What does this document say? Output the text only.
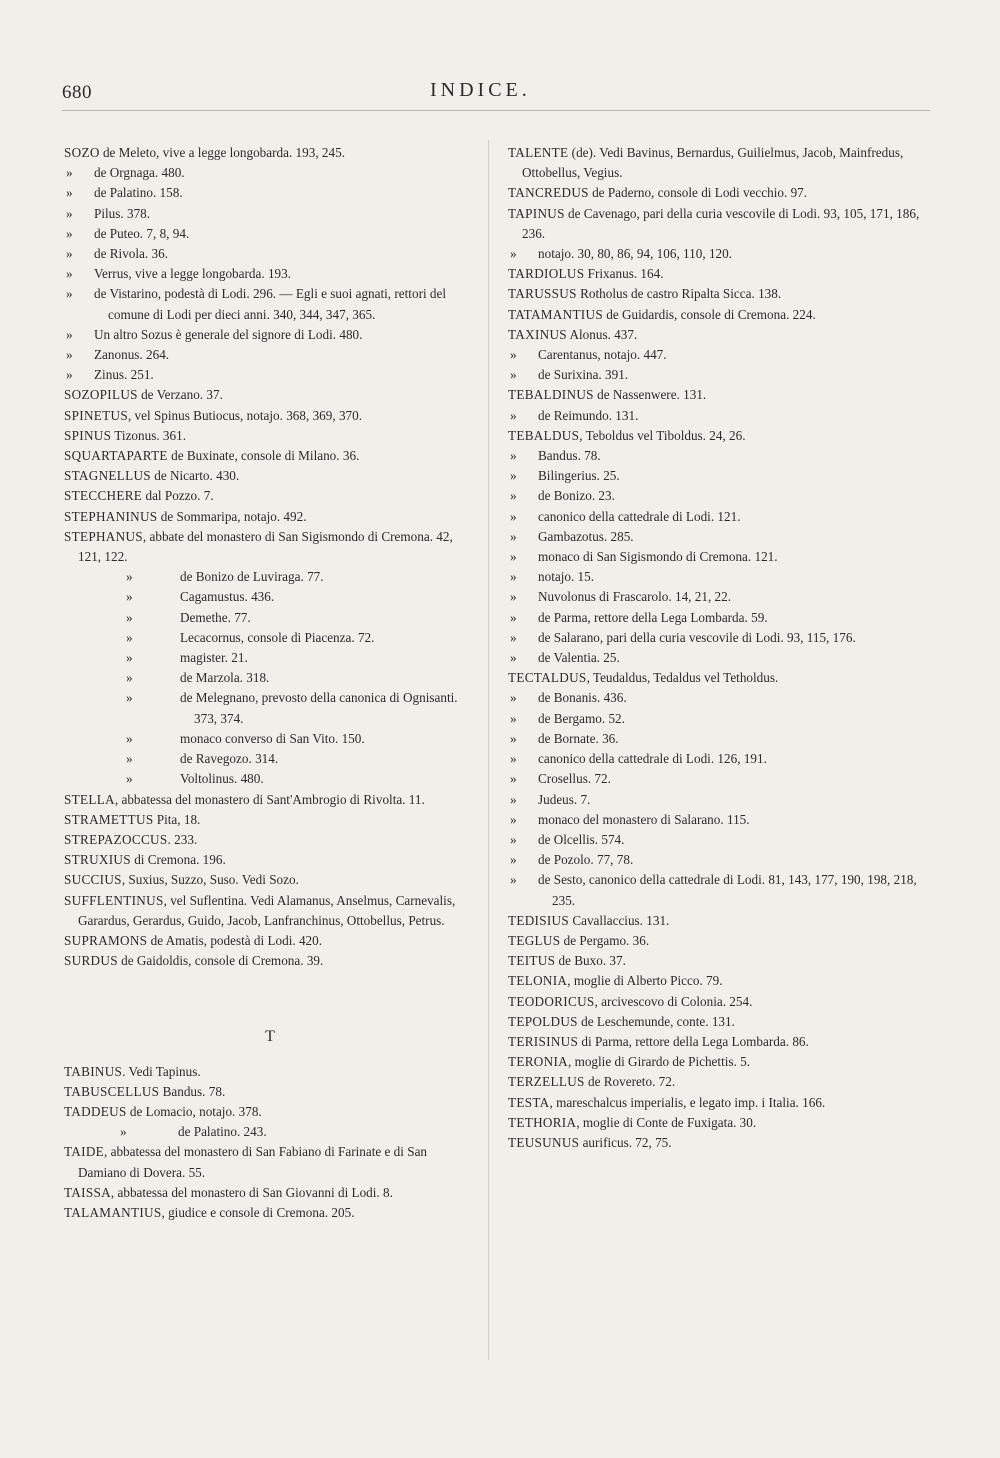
680	INDICE.

SOZO de Meleto, vive a legge longobarda. 193, 245.

» de Orgnaga. 480.

» de Palatino. 158.

» Pilus. 378.

» de Puteo. 7, 8, 94.

» de Rivola. 36.

» Verrus, vive a legge longobarda. 193.

» de Vistarino, podestà di Lodi. 296. — Egli e suoi agnati, rettori del comune di Lodi per dieci anni. 340, 344, 347, 365.

» Un altro Sozus è generale del signore di Lodi. 480.

» Zanonus. 264.

» Zinus. 251.

SOZOPILUS de Verzano. 37.

SPINETUS, vel Spinus Butiocus, notajo. 368, 369, 370.

SPINUS Tizonus. 361.

SQUARTAPARTE de Buxinate, console di Milano. 36.

STAGNELLUS de Nicarto. 430.

STECCHERE dal Pozzo. 7.

STEPHANINUS de Sommaripa, notajo. 492.

STEPHANUS, abbate del monastero di San Sigismondo di Cremona. 42, 121, 122.

»	de Bonizo de Luviraga. 77.

»	Cagamustus. 436.

»	Demethe. 77.

»	Lecacornus, console di Piacenza. 72.

»	magister. 21.

»	de Marzola. 318.

»	de Melegnano, prevosto della canonica di Ognisanti. 373, 374.

»	monaco converso di San Vito. 150.

»	de Ravegozo. 314.

»	Voltolinus. 480.

STELLA, abbatessa del monastero di Sant'Ambrogio di Rivolta. 11.

STRAMETTUS Pita, 18.

STREPAZOCCUS. 233.

STRUXIUS di Cremona. 196.

SUCCIUS, Suxius, Suzzo, Suso. Vedi Sozo.

SUFFLENTINUS, vel Suflentina. Vedi Alamanus, Anselmus, Carnevalis, Garardus, Gerardus, Guido, Jacob, Lanfranchinus, Ottobellus, Petrus.

SUPRAMONS de Amatis, podestà di Lodi. 420.

SURDUS de Gaidoldis, console di Cremona. 39.

T

TABINUS. Vedi Tapinus.

TABUSCELLUS Bandus. 78.

TADDEUS de Lomacio, notajo. 378.

»	de Palatino. 243.

TAIDE, abbatessa del monastero di San Fabiano di Farinate e di San Damiano di Dovera. 55.

TAISSA, abbatessa del monastero di San Giovanni di Lodi. 8.

TALAMANTIUS, giudice e console di Cremona. 205.

TALENTE (de). Vedi Bavinus, Bernardus, Guilielmus, Jacob, Mainfredus, Ottobellus, Vegius.

TANCREDUS de Paderno, console di Lodi vecchio. 97.

TAPINUS de Cavenago, pari della curia vescovile di Lodi. 93, 105, 171, 186, 236.

» notajo. 30, 80, 86, 94, 106, 110, 120.

TARDIOLUS Frixanus. 164.

TARUSSUS Rotholus de castro Ripalta Sicca. 138.

TATAMANTIUS de Guidardis, console di Cremona. 224.

TAXINUS Alonus. 437.

» Carentanus, notajo. 447.

» de Surixina. 391.

TEBALDINUS de Nassenwere. 131.

» de Reimundo. 131.

TEBALDUS, Teboldus vel Tiboldus. 24, 26.

» Bandus. 78.

» Bilingerius. 25.

» de Bonizo. 23.

» canonico della cattedrale di Lodi. 121.

» Gambazotus. 285.

» monaco di San Sigismondo di Cremona. 121.

» notajo. 15.

» Nuvolonus di Frascarolo. 14, 21, 22.

» de Parma, rettore della Lega Lombarda. 59.

» de Salarano, pari della curia vescovile di Lodi. 93, 115, 176.

» de Valentia. 25.

TECTALDUS, Teudaldus, Tedaldus vel Tetholdus.

» de Bonanis. 436.

» de Bergamo. 52.

» de Bornate. 36.

» canonico della cattedrale di Lodi. 126, 191.

» Crosellus. 72.

» Judeus. 7.

» monaco del monastero di Salarano. 115.

» de Olcellis. 574.

» de Pozolo. 77, 78.

» de Sesto, canonico della cattedrale di Lodi. 81, 143, 177, 190, 198, 218, 235.

TEDISIUS Cavallaccius. 131.

TEGLUS de Pergamo. 36.

TEITUS de Buxo. 37.

TELONIA, moglie di Alberto Picco. 79.

TEODORICUS, arcivescovo di Colonia. 254.

TEPOLDUS de Leschemunde, conte. 131.

TERISINUS di Parma, rettore della Lega Lombarda. 86.

TERONIA, moglie di Girardo de Pichettis. 5.

TERZELLUS de Rovereto. 72.

TESTA, mareschalcus imperialis, e legato imp. i Italia. 166.

TETHORIA, moglie di Conte de Fuxigata. 30.

TEUSUNUS aurificus. 72, 75.
